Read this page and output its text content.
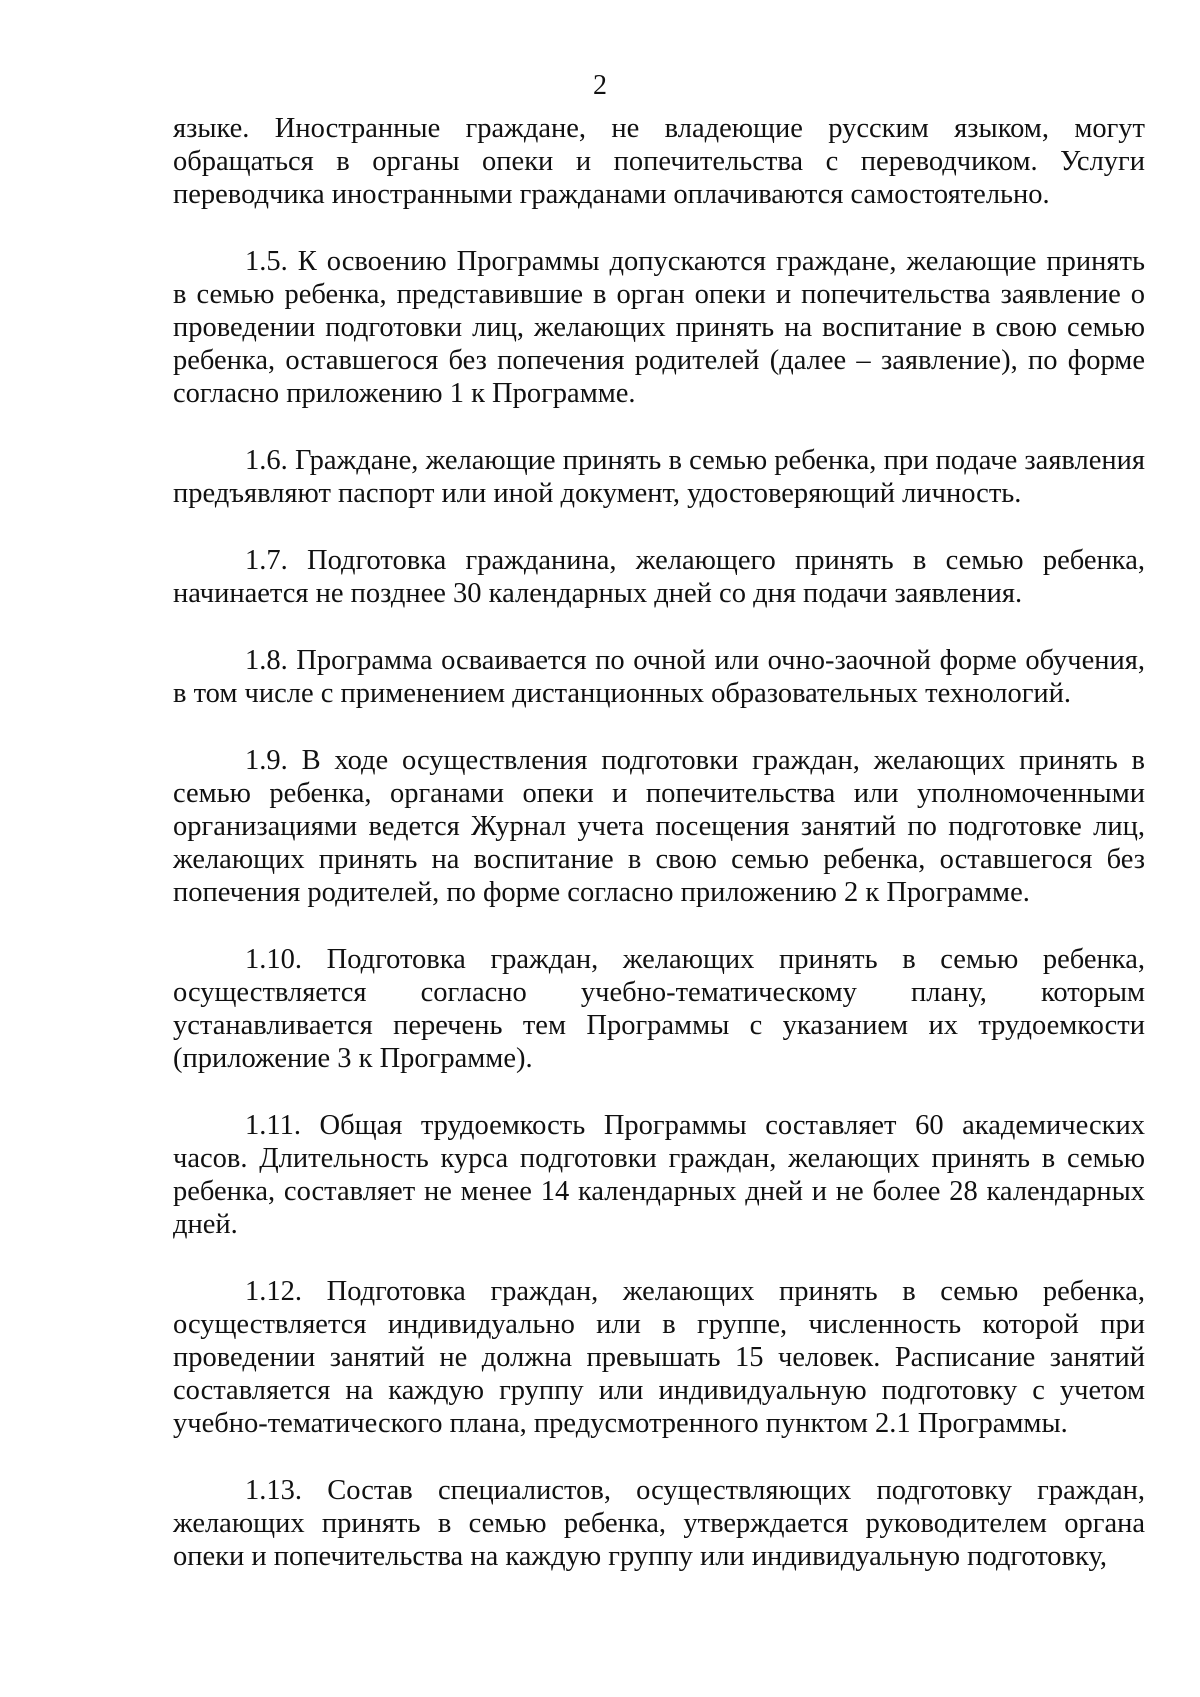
2

языке. Иностранные граждане, не владеющие русским языком, могут обращаться в органы опеки и попечительства с переводчиком. Услуги переводчика иностранными гражданами оплачиваются самостоятельно.

1.5. К освоению Программы допускаются граждане, желающие принять в семью ребенка, представившие в орган опеки и попечительства заявление о проведении подготовки лиц, желающих принять на воспитание в свою семью ребенка, оставшегося без попечения родителей (далее – заявление), по форме согласно приложению 1 к Программе.

1.6. Граждане, желающие принять в семью ребенка, при подаче заявления предъявляют паспорт или иной документ, удостоверяющий личность.

1.7. Подготовка гражданина, желающего принять в семью ребенка, начинается не позднее 30 календарных дней со дня подачи заявления.

1.8. Программа осваивается по очной или очно-заочной форме обучения, в том числе с применением дистанционных образовательных технологий.

1.9. В ходе осуществления подготовки граждан, желающих принять в семью ребенка, органами опеки и попечительства или уполномоченными организациями ведется Журнал учета посещения занятий по подготовке лиц, желающих принять на воспитание в свою семью ребенка, оставшегося без попечения родителей, по форме согласно приложению 2 к Программе.

1.10. Подготовка граждан, желающих принять в семью ребенка, осуществляется согласно учебно-тематическому плану, которым устанавливается перечень тем Программы с указанием их трудоемкости (приложение 3 к Программе).

1.11. Общая трудоемкость Программы составляет 60 академических часов. Длительность курса подготовки граждан, желающих принять в семью ребенка, составляет не менее 14 календарных дней и не более 28 календарных дней.

1.12. Подготовка граждан, желающих принять в семью ребенка, осуществляется индивидуально или в группе, численность которой при проведении занятий не должна превышать 15 человек. Расписание занятий составляется на каждую группу или индивидуальную подготовку с учетом учебно-тематического плана, предусмотренного пунктом 2.1 Программы.

1.13. Состав специалистов, осуществляющих подготовку граждан, желающих принять в семью ребенка, утверждается руководителем органа опеки и попечительства на каждую группу или индивидуальную подготовку,
